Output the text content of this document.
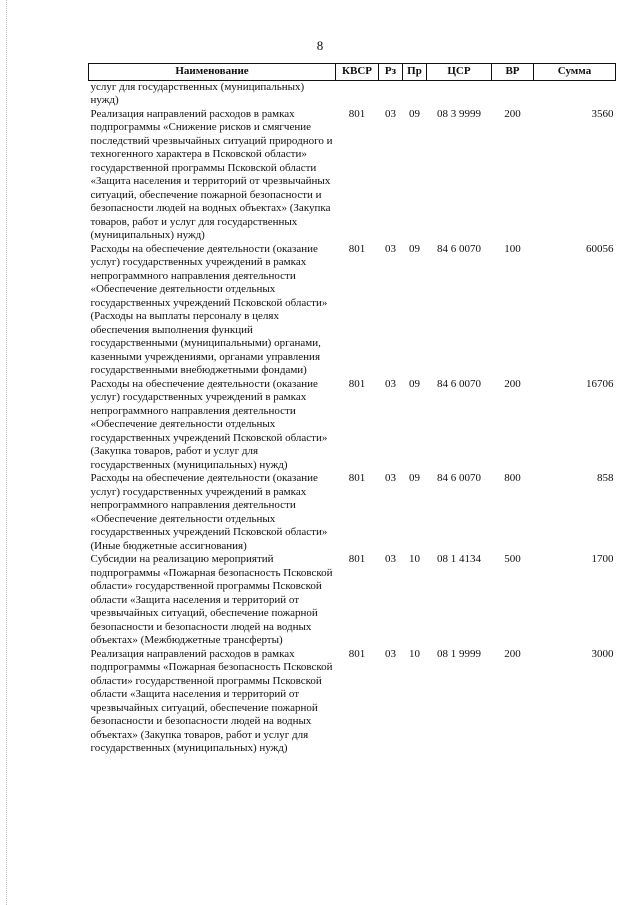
8
Наименование	КВСР	Рз	Пр	ЦСР	ВР	Сумма
услуг для государственных (муниципальных) нужд)						
Реализация направлений расходов в рамках подпрограммы «Снижение рисков и смягчение последствий чрезвычайных ситуаций природного и техногенного характера в Псковской области» государственной программы Псковской области «Защита населения и территорий от чрезвычайных ситуаций, обеспечение пожарной безопасности и безопасности людей на водных объектах» (Закупка товаров, работ и услуг для государственных (муниципальных) нужд)	801	03	09	08 3 9999	200	3560
Расходы на обеспечение деятельности (оказание услуг) государственных учреждений в рамках непрограммного направления деятельности «Обеспечение деятельности отдельных государственных учреждений Псковской области» (Расходы на выплаты персоналу в целях обеспечения выполнения функций государственными (муниципальными) органами, казенными учреждениями, органами управления государственными внебюджетными фондами)	801	03	09	84 6 0070	100	60056
Расходы на обеспечение деятельности (оказание услуг) государственных учреждений в рамках непрограммного направления деятельности «Обеспечение деятельности отдельных государственных учреждений Псковской области» (Закупка товаров, работ и услуг для государственных (муниципальных) нужд)	801	03	09	84 6 0070	200	16706
Расходы на обеспечение деятельности (оказание услуг) государственных учреждений в рамках непрограммного направления деятельности «Обеспечение деятельности отдельных государственных учреждений Псковской области» (Иные бюджетные ассигнования)	801	03	09	84 6 0070	800	858
Субсидии на реализацию мероприятий подпрограммы «Пожарная безопасность Псковской области» государственной программы Псковской области «Защита населения и территорий от чрезвычайных ситуаций, обеспечение пожарной безопасности и безопасности людей на водных объектах» (Межбюджетные трансферты)	801	03	10	08 1 4134	500	1700
Реализация направлений расходов в рамках подпрограммы «Пожарная безопасность Псковской области» государственной программы Псковской области «Защита населения и территорий от чрезвычайных ситуаций, обеспечение пожарной безопасности и безопасности людей на водных объектах» (Закупка товаров, работ и услуг для государственных (муниципальных) нужд)	801	03	10	08 1 9999	200	3000
